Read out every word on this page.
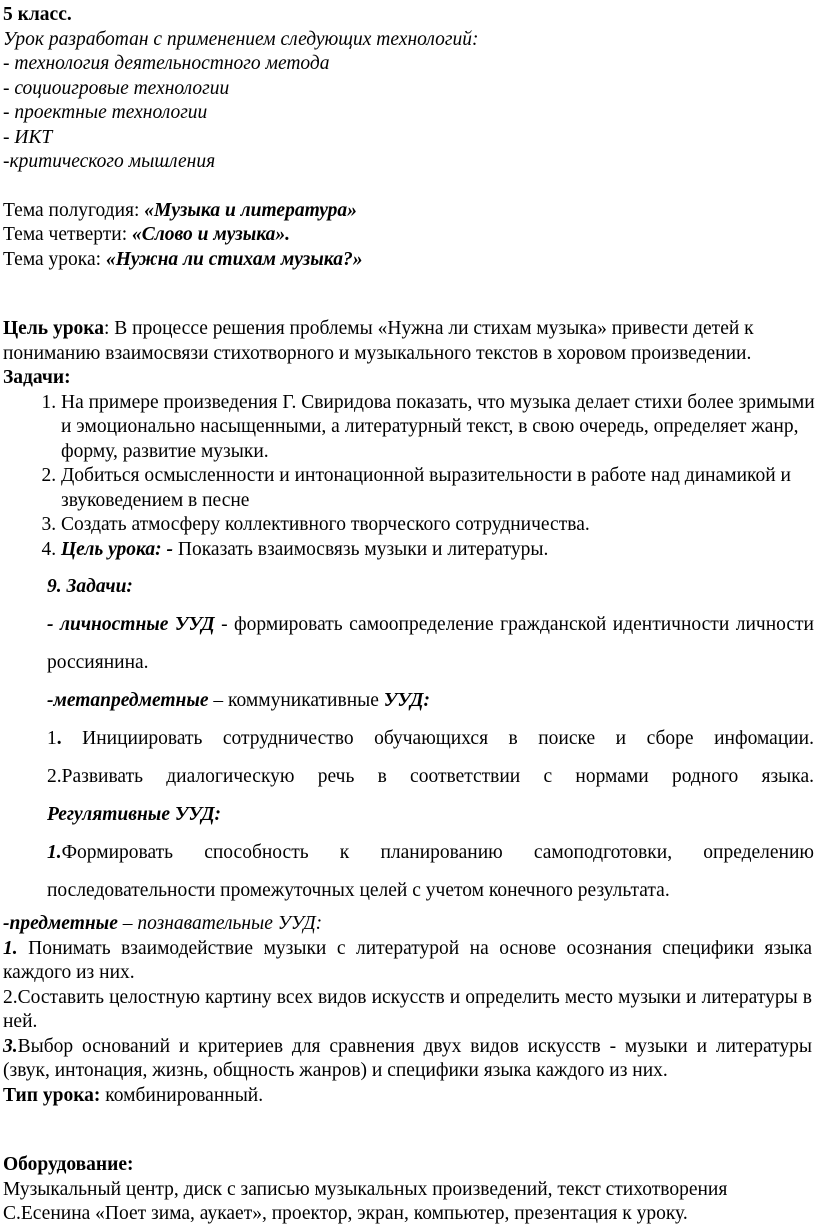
5 класс.

Урок разработан с применением следующих технологий:

- технология деятельностного метода

- социоигровые технологии

- проектные технологии

- ИКТ

-критического мышления

Тема полугодия: «Музыка и литература»

Тема четверти: «Слово и музыка».

Тема урока: «Нужна ли стихам музыка?»

Цель урока: В процессе решения проблемы «Нужна ли стихам музыка» привести детей к пониманию взаимосвязи стихотворного и музыкального текстов в хоровом произведении.

Задачи:

1. На примере произведения Г. Свиридова показать, что музыка делает стихи более зримыми и эмоционально насыщенными, а литературный текст, в свою очередь, определяет жанр, форму, развитие музыки.
2. Добиться осмысленности и интонационной выразительности в работе над динамикой и звуковедением в песне
3. Создать атмосферу коллективного творческого сотрудничества.
4. Цель урока: - Показать взаимосвязь музыки и литературы.

9. Задачи:

- личностные УУД - формировать самоопределение гражданской идентичности личности россиянина.

-метапредметные – коммуникативные УУД:

1. Инициировать сотрудничество обучающихся в поиске и сборе инфомации.

2.Развивать диалогическую речь в соответствии с нормами родного языка.

Регулятивные УУД:

1.Формировать способность к планированию самоподготовки, определению последовательности промежуточных целей с учетом конечного результата.

-предметные – познавательные УУД:

1. Понимать взаимодействие музыки с литературой на основе осознания специфики языка каждого из них.

2.Составить целостную картину всех видов искусств и определить место музыки и литературы в ней.

3.Выбор оснований и критериев для сравнения двух видов искусств - музыки и литературы (звук, интонация, жизнь, общность жанров) и специфики языка каждого из них.

Тип урока: комбинированный.

Оборудование:

Музыкальный центр, диск с записью музыкальных произведений, текст стихотворения С.Есенина «Поет зима, аукает», проектор, экран, компьютер, презентация к уроку.
